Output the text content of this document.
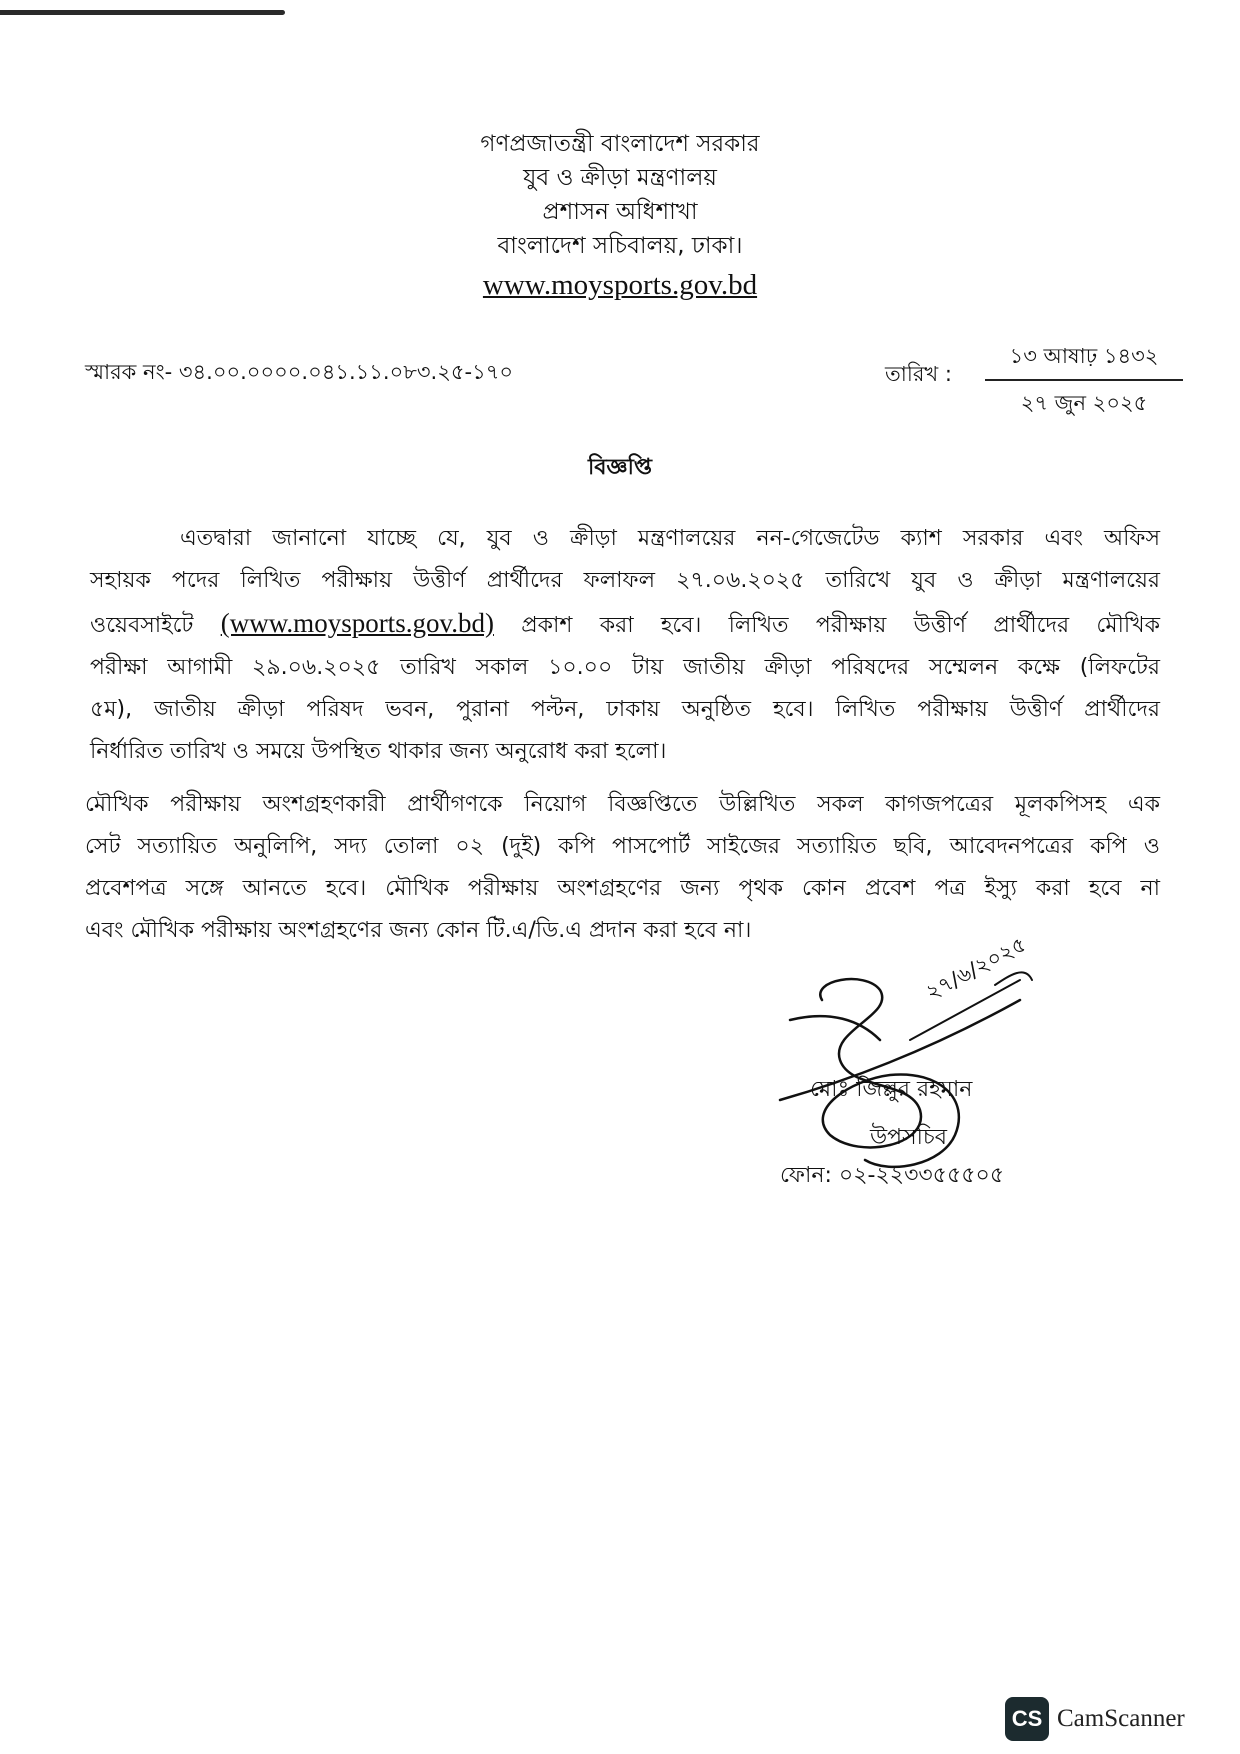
গণপ্রজাতন্ত্রী বাংলাদেশ সরকার
যুব ও ক্রীড়া মন্ত্রণালয়
প্রশাসন অধিশাখা
বাংলাদেশ সচিবালয়, ঢাকা।
www.moysports.gov.bd
স্মারক নং- ৩৪.০০.০০০০.০৪১.১১.০৮৩.২৫-১৭০	তারিখ :
১৩ আষাঢ় ১৪৩২
২৭ জুন ২০২৫
বিজ্ঞপ্তি
এতদ্বারা জানানো যাচ্ছে যে, যুব ও ক্রীড়া মন্ত্রণালয়ের নন-গেজেটেড ক্যাশ সরকার এবং অফিস
সহায়ক পদের লিখিত পরীক্ষায় উত্তীর্ণ প্রার্থীদের ফলাফল ২৭.০৬.২০২৫ তারিখে যুব ও ক্রীড়া মন্ত্রণালয়ের
ওয়েবসাইটে (www.moysports.gov.bd) প্রকাশ করা হবে। লিখিত পরীক্ষায় উত্তীর্ণ প্রার্থীদের মৌখিক
পরীক্ষা আগামী ২৯.০৬.২০২৫ তারিখ সকাল ১০.০০ টায় জাতীয় ক্রীড়া পরিষদের সম্মেলন কক্ষে (লিফটের
৫ম), জাতীয় ক্রীড়া পরিষদ ভবন, পুরানা পল্টন, ঢাকায় অনুষ্ঠিত হবে। লিখিত পরীক্ষায় উত্তীর্ণ প্রার্থীদের
নির্ধারিত তারিখ ও সময়ে উপস্থিত থাকার জন্য অনুরোধ করা হলো।
মৌখিক পরীক্ষায় অংশগ্রহণকারী প্রার্থীগণকে নিয়োগ বিজ্ঞপ্তিতে উল্লিখিত সকল কাগজপত্রের মূলকপিসহ এক
সেট সত্যায়িত অনুলিপি, সদ্য তোলা ০২ (দুই) কপি পাসপোর্ট সাইজের সত্যায়িত ছবি, আবেদনপত্রের কপি ও
প্রবেশপত্র সঙ্গে আনতে হবে। মৌখিক পরীক্ষায় অংশগ্রহণের জন্য পৃথক কোন প্রবেশ পত্র ইস্যু করা হবে না
এবং মৌখিক পরীক্ষায় অংশগ্রহণের জন্য কোন টি.এ/ডি.এ প্রদান করা হবে না।
২৭/৬/২০২৫
মোঃ জিল্লুর রহমান
উপসচিব
ফোন: ০২-২২৩৩৫৫৫০৫
CS CamScanner
